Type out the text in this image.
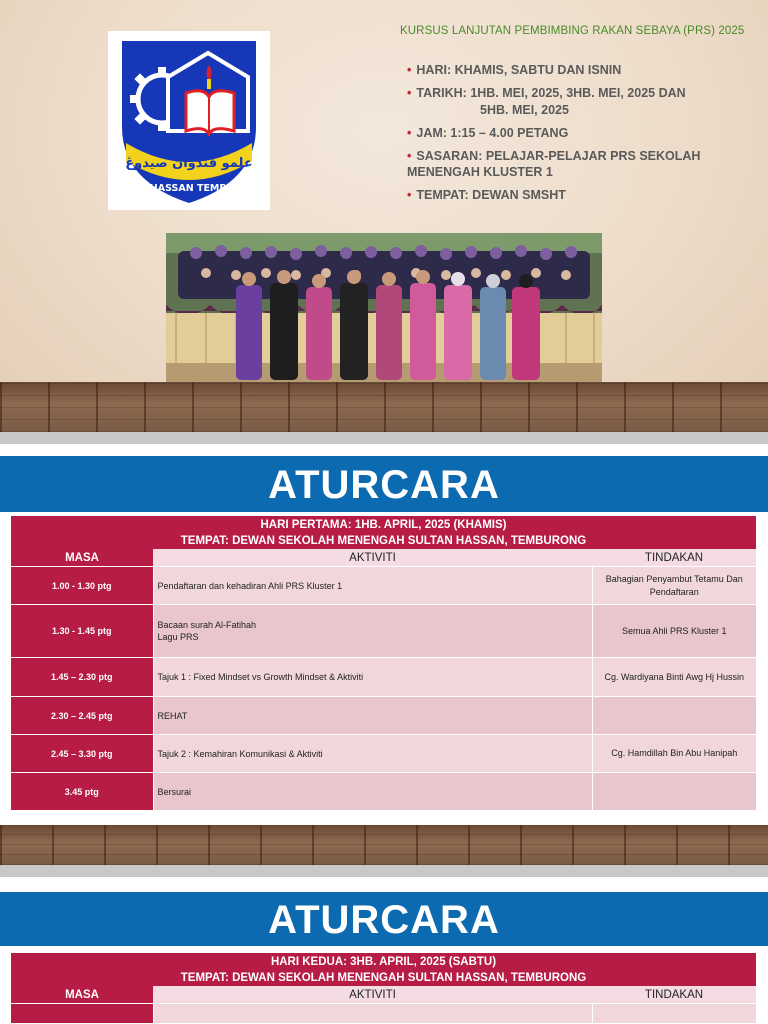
علمو فندوان صيدوڠ
S.M.S. HASSAN TEMBURONG
KURSUS LANJUTAN PEMBIMBING RAKAN SEBAYA (PRS) 2025
• HARI: KHAMIS, SABTU DAN ISNIN
• TARIKH: 1HB. MEI, 2025, 3HB. MEI, 2025 DAN
5HB. MEI, 2025
• JAM: 1:15 – 4.00 PETANG
• SASARAN: PELAJAR-PELAJAR PRS SEKOLAH MENENGAH KLUSTER 1
• TEMPAT: DEWAN SMSHT
ATURCARA
HARI PERTAMA: 1HB. APRIL, 2025 (KHAMIS)
TEMPAT: DEWAN SEKOLAH MENENGAH SULTAN HASSAN, TEMBURONG		

MASA	AKTIVITI	TINDAKAN
1.00 - 1.30 ptg	Pendaftaran dan kehadiran Ahli PRS Kluster 1	Bahagian Penyambut Tetamu Dan
Pendaftaran

1.30 - 1.45 ptg	Bacaan surah Al-Fatihah
Lagu PRS	Semua Ahli PRS Kluster 1
1.45 – 2.30 ptg	Tajuk 1 : Fixed Mindset vs Growth Mindset & Aktiviti	Cg. Wardiyana Binti Awg Hj Hussin
2.30 – 2.45 ptg	REHAT	
2.45 – 3.30 ptg	Tajuk 2 : Kemahiran Komunikasi & Aktiviti	Cg. Hamdillah Bin Abu Hanipah
3.45 ptg	Bersurai	
ATURCARA
HARI KEDUA: 3HB. APRIL, 2025 (SABTU)
TEMPAT: DEWAN SEKOLAH MENENGAH SULTAN HASSAN, TEMBURONG		

MASA	AKTIVITI	TINDAKAN
